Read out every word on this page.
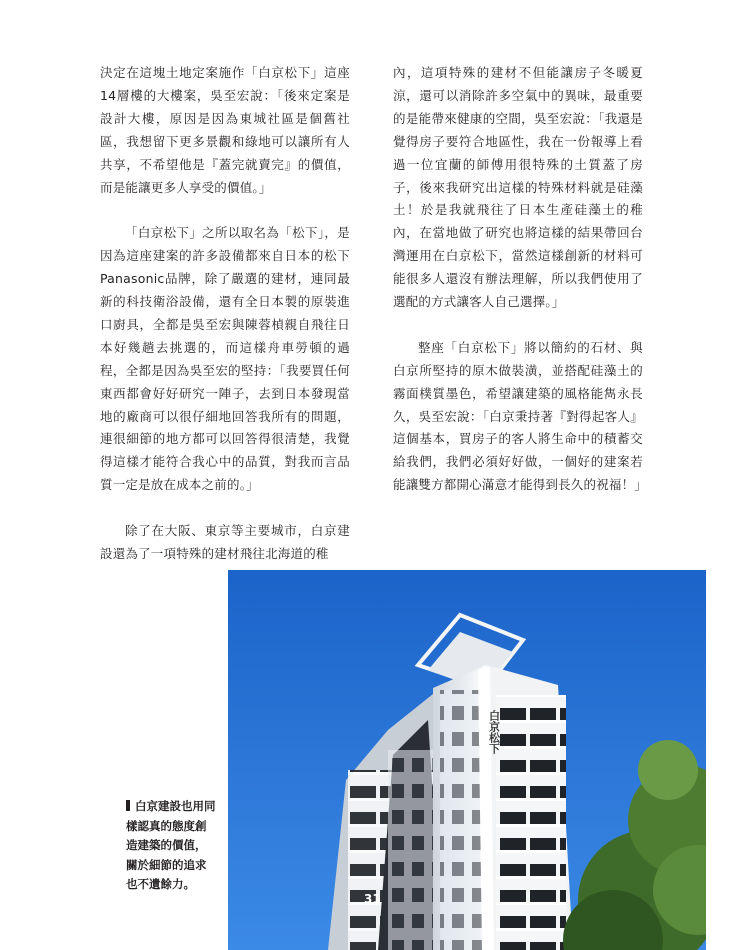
決定在這塊土地定案施作「白京松下」這座14層樓的大樓案，吳至宏說：「後來定案是設計大樓，原因是因為東城社區是個舊社區，我想留下更多景觀和綠地可以讓所有人共享，不希望他是『蓋完就賣完』的價值，而是能讓更多人享受的價值。」

「白京松下」之所以取名為「松下」，是因為這座建案的許多設備都來自日本的松下Panasonic品牌，除了嚴選的建材，連同最新的科技衛浴設備，還有全日本製的原裝進口廚具，全都是吳至宏與陳蓉楨親自飛往日本好幾趟去挑選的，而這樣舟車勞頓的過程，全都是因為吳至宏的堅持：「我要買任何東西都會好好研究一陣子，去到日本發現當地的廠商可以很仔細地回答我所有的問題，連很細節的地方都可以回答得很清楚，我覺得這樣才能符合我心中的品質，對我而言品質一定是放在成本之前的。」

除了在大阪、東京等主要城市，白京建設還為了一項特殊的建材飛往北海道的稚

內，這項特殊的建材不但能讓房子冬暖夏涼，還可以消除許多空氣中的異味，最重要的是能帶來健康的空間，吳至宏說：「我還是覺得房子要符合地區性，我在一份報導上看過一位宜蘭的師傅用很特殊的土質蓋了房子，後來我研究出這樣的特殊材料就是硅藻土！於是我就飛往了日本生產硅藻土的稚內，在當地做了研究也將這樣的結果帶回台灣運用在白京松下，當然這樣創新的材料可能很多人還沒有辦法理解，所以我們使用了選配的方式讓客人自己選擇。」

整座「白京松下」將以簡約的石材、與白京所堅持的原木做裝潢，並搭配硅藻土的霧面樸質墨色，希望讓建築的風格能雋永長久，吳至宏說：「白京秉持著『對得起客人』這個基本，買房子的客人將生命中的積蓄交給我們，我們必須好好做，一個好的建案若能讓雙方都開心滿意才能得到長久的祝福！」

白京松下
31
白京建設也用同樣認真的態度創造建築的價值，關於細節的追求也不遺餘力。
